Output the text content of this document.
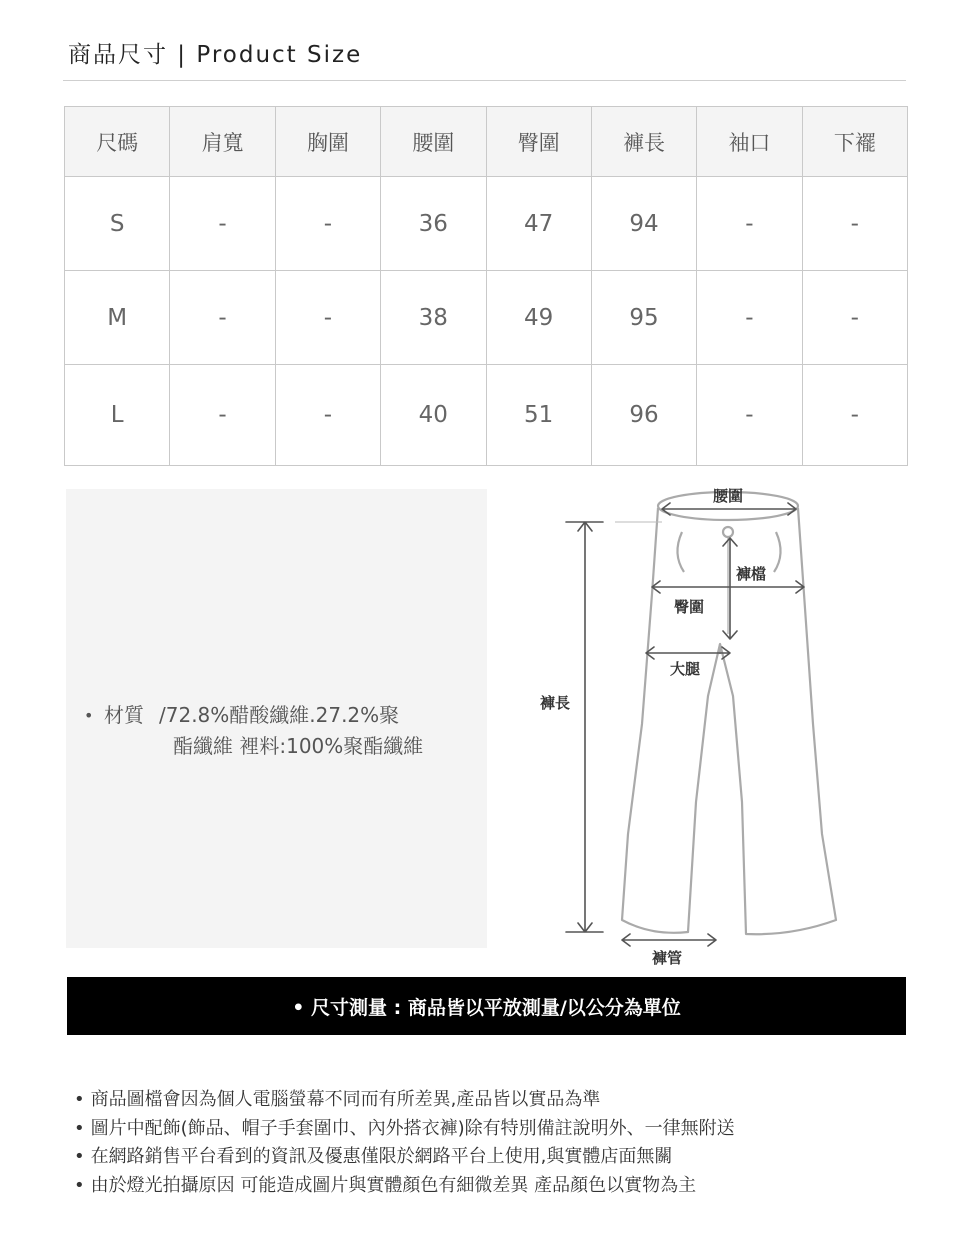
商品尺寸 | Product Size
尺碼	肩寬	胸圍	腰圍	臀圍	褲長	袖口	下襬
S	-	-	36	47	94	-	-
M	-	-	38	49	95	-	-
L	-	-	40	51	96	-	-
• 材質 /72.8%醋酸纖維.27.2%聚
酯纖維 裡料:100%聚酯纖維
腰圍
褲檔
臀圍
大腿
褲長
褲管
• 尺寸測量 : 商品皆以平放測量/以公分為單位
• 商品圖檔會因為個人電腦螢幕不同而有所差異,產品皆以實品為準
• 圖片中配飾(飾品、帽子手套圍巾、內外搭衣褲)除有特別備註說明外、一律無附送
• 在網路銷售平台看到的資訊及優惠僅限於網路平台上使用,與實體店面無關
• 由於燈光拍攝原因 可能造成圖片與實體顏色有細微差異 產品顏色以實物為主
